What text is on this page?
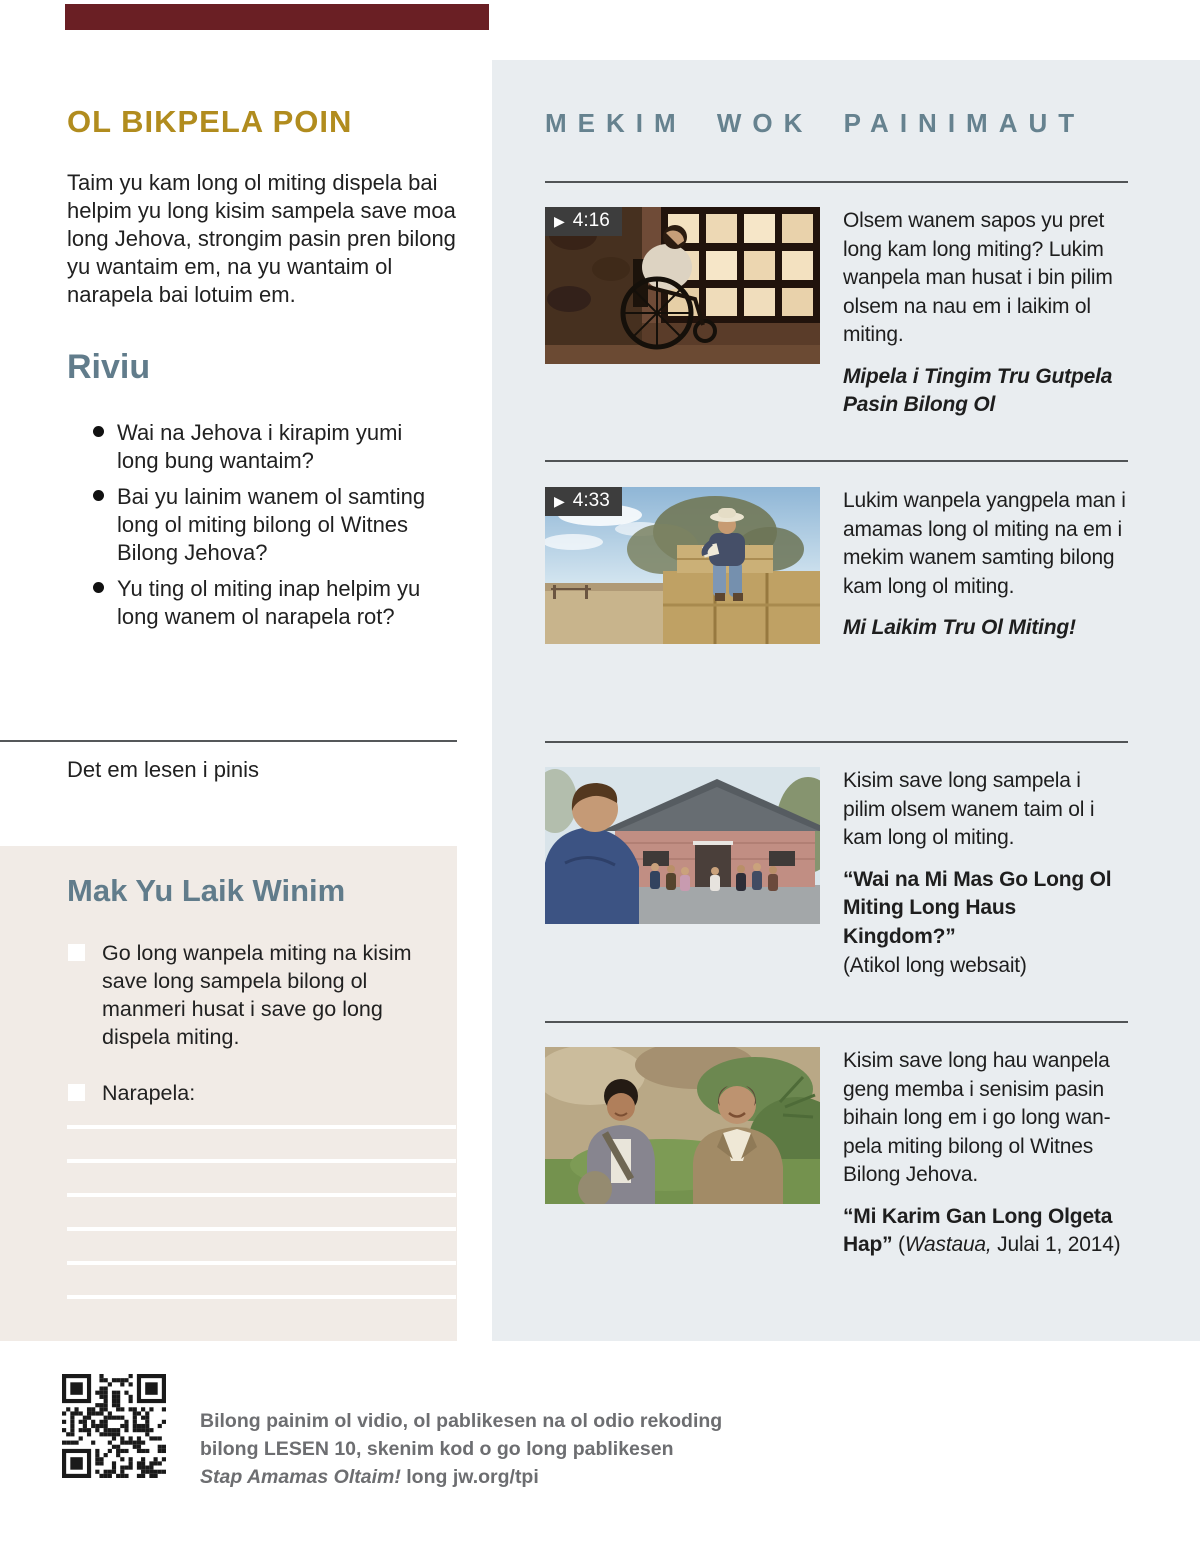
OL BIKPELA POIN

Taim yu kam long ol miting dispela bai helpim yu long kisim sampela save moa long Jehova, strongim pasin pren bilong yu wantaim em, na yu wantaim ol narapela bai lotuim em.

Riviu
Wai na Jehova i kirapim yumi long bung wantaim?
Bai yu lainim wanem ol samting long ol miting bilong ol Witnes Bilong Jehova?
Yu ting ol miting inap helpim yu long wanem ol narapela rot?

Det em lesen i pinis

Mak Yu Laik Winim
Go long wanpela miting na kisim save long sampela bilong ol manmeri husat i save go long dispela miting.
Narapela:
MEKIM WOK PAINIMAUT
▶ 4:16	Olsem wanem sapos yu pret long kam long miting? Lukim wanpela man husat i bin pilim olsem na nau em i laikim ol miting.

Mipela i Tingim Tru Gutpela Pasin Bilong Ol

▶ 4:33	Lukim wanpela yangpela man i amamas long ol miting na em i mekim wanem samting bilong kam long ol miting.

Mi Laikim Tru Ol Miting!

Kisim save long sampela i pilim olsem wanem taim ol i kam long ol miting.

“Wai na Mi Mas Go Long Ol Miting Long Haus Kingdom?”

(Atikol long websait)

Kisim save long hau wanpela geng memba i senisim pasin bihain long em i go long wan-pela miting bilong ol Witnes Bilong Jehova.

“Mi Karim Gan Long Olgeta Hap” (Wastaua, Julai 1, 2014)

Bilong painim ol vidio, ol pablikesen na ol odio rekoding

bilong LESEN 10, skenim kod o go long pablikesen

Stap Amamas Oltaim! long jw.org/tpi
